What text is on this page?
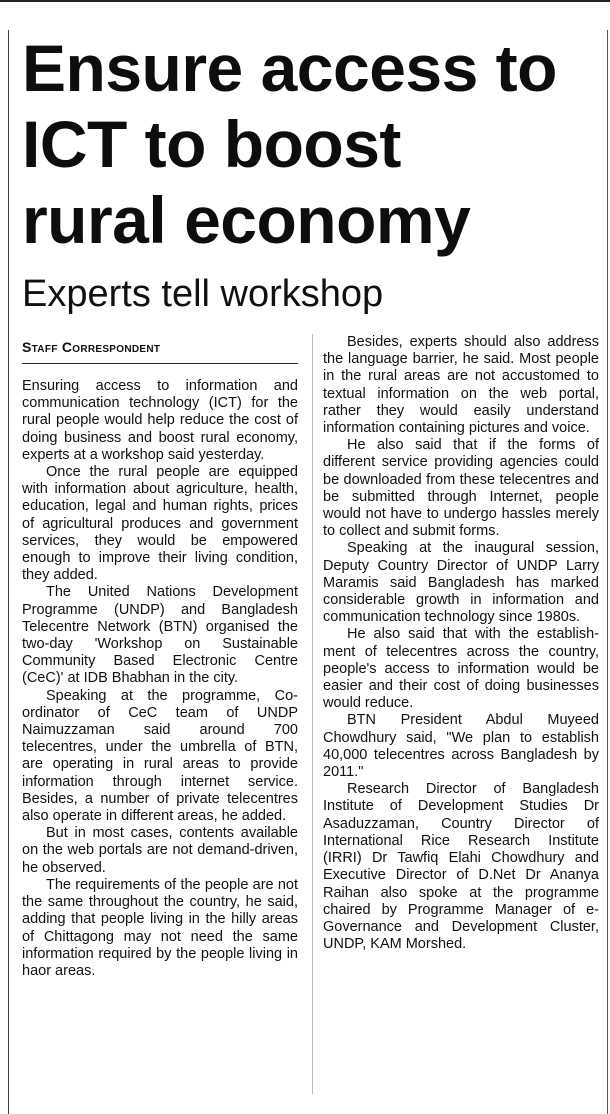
Ensure access to
ICT to boost
rural economy
Experts tell workshop
Staff Correspondent

Ensuring access to information and communication technology (ICT) for the rural people would help reduce the cost of doing business and boost rural economy, experts at a workshop said yesterday.

Once the rural people are equipped with information about agriculture, health, education, legal and human rights, prices of agricultural produces and government services, they would be empowered enough to improve their living condition, they added.

The United Nations Development Programme (UNDP) and Bangladesh Telecentre Network (BTN) organised the two-day 'Workshop on Sustainable Community Based Electronic Centre (CeC)' at IDB Bhabhan in the city.

Speaking at the programme, Co-ordinator of CeC team of UNDP Naimuzzaman said around 700 telecentres, under the umbrella of BTN, are operating in rural areas to provide information through internet service. Besides, a number of private telecentres also operate in different areas, he added.

But in most cases, contents available on the web portals are not demand-driven, he observed.

The requirements of the people are not the same throughout the country, he said, adding that people living in the hilly areas of Chittagong may not need the same information required by the people living in haor areas.

Besides, experts should also address the language barrier, he said. Most people in the rural areas are not accustomed to textual information on the web portal, rather they would easily understand information containing pictures and voice.

He also said that if the forms of different service providing agencies could be downloaded from these telecentres and be submitted through Internet, people would not have to undergo hassles merely to collect and submit forms.

Speaking at the inaugural session, Deputy Country Director of UNDP Larry Maramis said Bangladesh has marked considerable growth in information and communication technology since 1980s.

He also said that with the establishment of telecentres across the country, people's access to information would be easier and their cost of doing businesses would reduce.

BTN President Abdul Muyeed Chowdhury said, "We plan to establish 40,000 telecentres across Bangladesh by 2011."

Research Director of Bangladesh Institute of Development Studies Dr Asaduzzaman, Country Director of International Rice Research Institute (IRRI) Dr Tawfiq Elahi Chowdhury and Executive Director of D.Net Dr Ananya Raihan also spoke at the programme chaired by Programme Manager of e-Governance and Development Cluster, UNDP, KAM Morshed.
